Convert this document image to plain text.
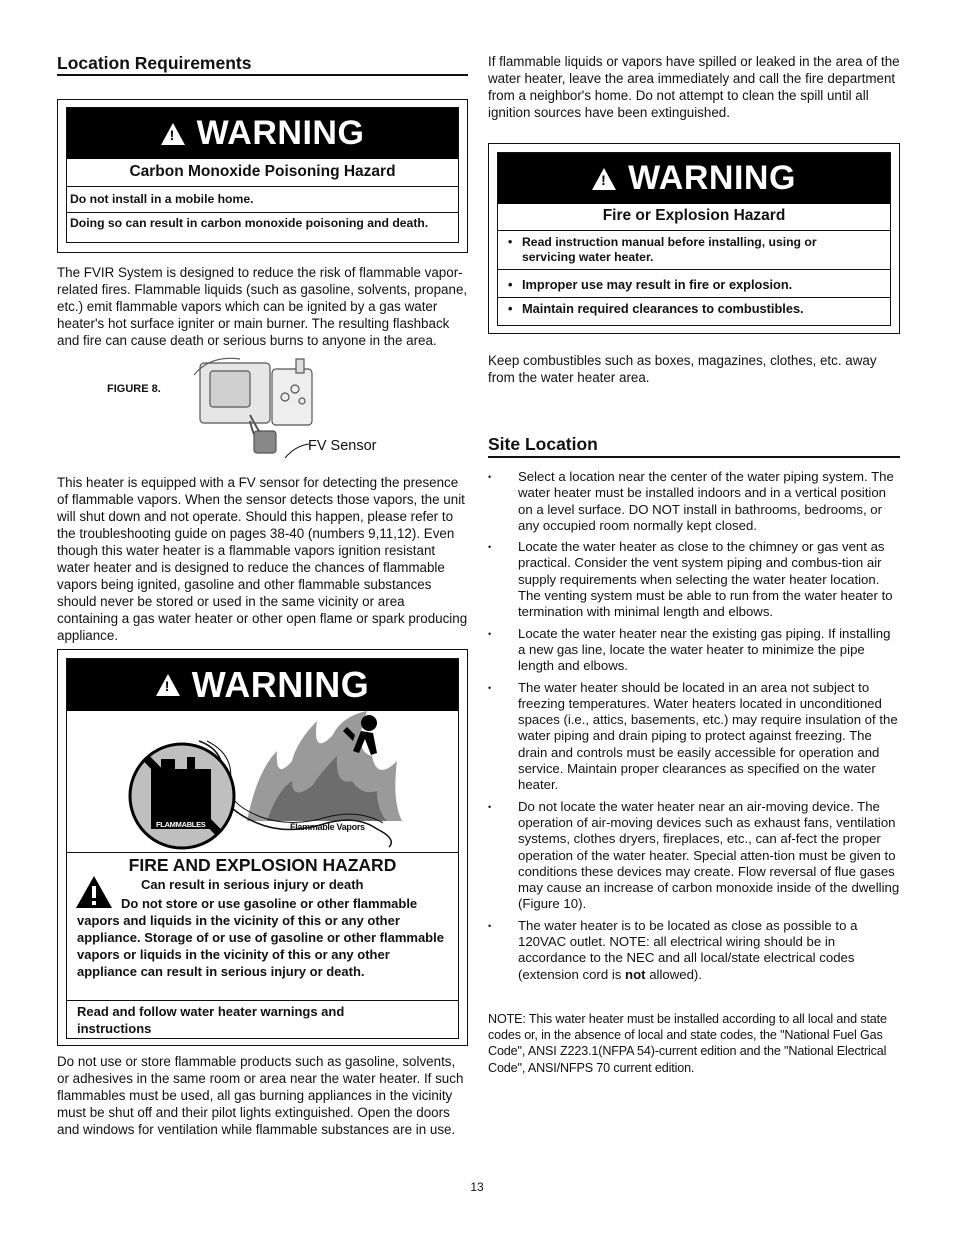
Location Requirements
!
WARNING
Carbon Monoxide Poisoning Hazard
Do not install in a mobile home.
Doing so can result in carbon monoxide poisoning and death.
The FVIR System is designed to reduce the risk of flammable vapor-related fires. Flammable liquids (such as gasoline, solvents, propane, etc.) emit flammable vapors which can be ignited by a gas water heater's hot surface igniter or main burner. The resulting flashback and fire can cause death or serious burns to anyone in the area.
FIGURE 8.
FV Sensor
This heater is equipped with a FV sensor for detecting the presence of flammable vapors. When the sensor detects those vapors, the unit will shut down and not operate. Should this happen, please refer to the troubleshooting guide on pages 38-40 (numbers 9,11,12). Even though this water heater is a flammable vapors ignition resistant water heater and is designed to reduce the chances of flammable vapors being ignited, gasoline and other flammable substances should never be stored or used in the same vicinity or area containing a gas water heater or other open flame or spark producing appliance.
!
WARNING
FLAMMABLES	Flammable Vapors
FIRE AND EXPLOSION HAZARD
Can result in serious injury or death
Do not store or use gasoline or other flammable
vapors and liquids in the vicinity of this or any other appliance. Storage of or use of gasoline or other flammable vapors or liquids in the vicinity of this or any other appliance can result in serious injury or death.
Read and follow water heater warnings and instructions
Do not use or store flammable products such as gasoline, solvents, or adhesives in the same room or area near the water heater. If such flammables must be used, all gas burning appliances in the vicinity must be shut off and their pilot lights extinguished. Open the doors and windows for ventilation while flammable substances are in use.
If flammable liquids or vapors have spilled or leaked in the area of the water heater, leave the area immediately and call the fire department from a neighbor's home. Do not attempt to clean the spill until all ignition sources have been extinguished.
!
WARNING
Fire or Explosion Hazard
• Read instruction manual before installing, using or servicing water heater.
• Improper use may result in fire or explosion.
• Maintain required clearances to combustibles.
Keep combustibles such as boxes, magazines, clothes, etc. away from the water heater area.
Site Location
• Select a location near the center of the water piping system. The water heater must be installed indoors and in a vertical position on a level surface. DO NOT install in bathrooms, bedrooms, or any occupied room normally kept closed.
• Locate the water heater as close to the chimney or gas vent as practical. Consider the vent system piping and combus-tion air supply requirements when selecting the water heater location. The venting system must be able to run from the water heater to termination with minimal length and elbows.
• Locate the water heater near the existing gas piping. If installing a new gas line, locate the water heater to minimize the pipe length and elbows.
• The water heater should be located in an area not subject to freezing temperatures. Water heaters located in unconditioned spaces (i.e., attics, basements, etc.) may require insulation of the water piping and drain piping to protect against freezing. The drain and controls must be easily accessible for operation and service. Maintain proper clearances as specified on the water heater.
• Do not locate the water heater near an air-moving device. The operation of air-moving devices such as exhaust fans, ventilation systems, clothes dryers, fireplaces, etc., can af-fect the proper operation of the water heater. Special atten-tion must be given to conditions these devices may create. Flow reversal of flue gases may cause an increase of carbon monoxide inside of the dwelling (Figure 10).
• The water heater is to be located as close as possible to a 120VAC outlet. NOTE: all electrical wiring should be in accordance to the NEC and all local/state electrical codes (extension cord is not allowed).
NOTE: This water heater must be installed according to all local and state codes or, in the absence of local and state codes, the "National Fuel Gas Code", ANSI Z223.1(NFPA 54)-current edition and the "National Electrical Code", ANSI/NFPS 70 current edition.
13
